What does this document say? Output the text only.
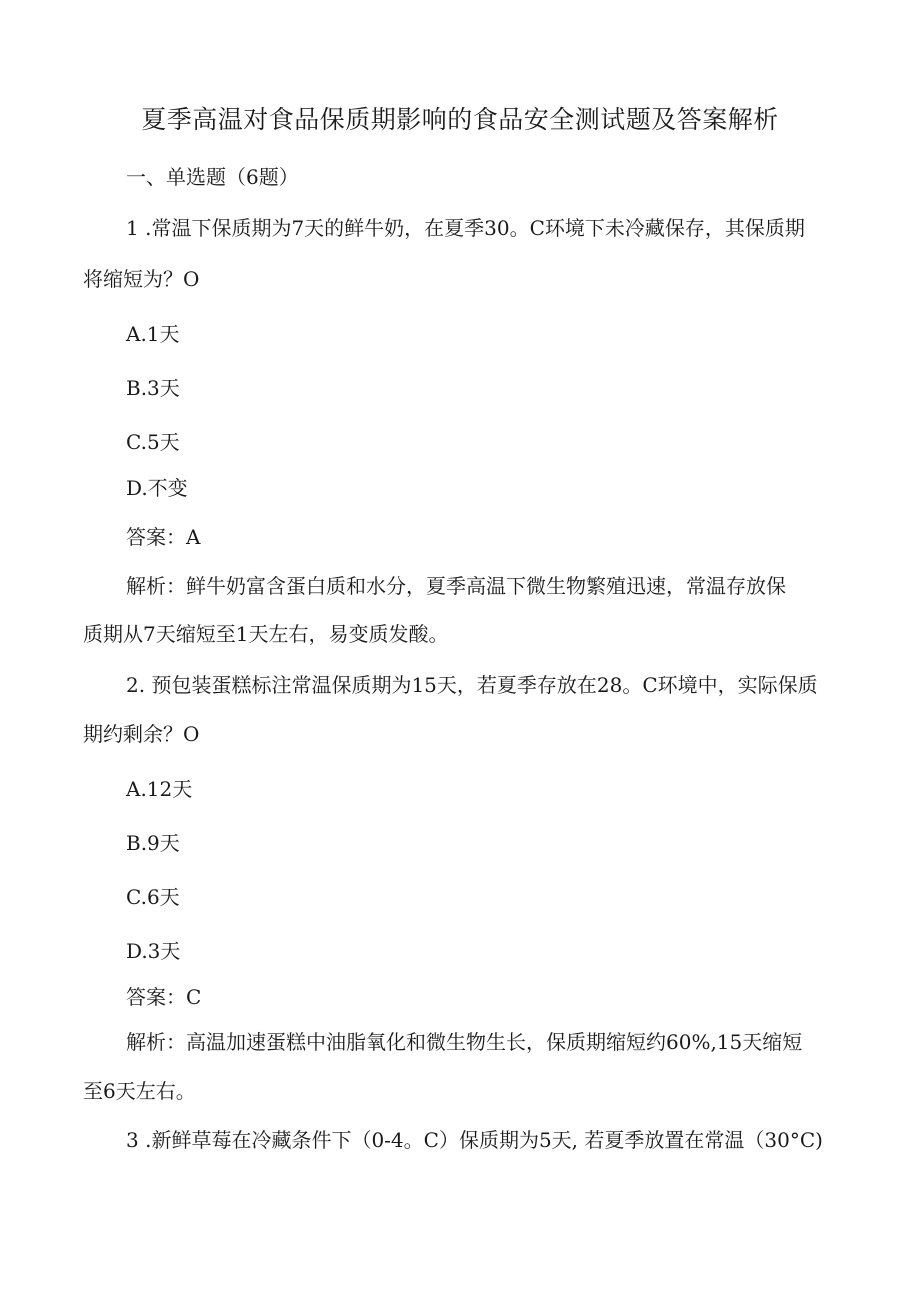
夏季高温对食品保质期影响的食品安全测试题及答案解析
一、单选题（6题）
1 .常温下保质期为7天的鲜牛奶，在夏季30。C环境下未冷藏保存，其保质期
将缩短为？O
A.1天
B.3天
C.5天
D.不变
答案：A
解析：鲜牛奶富含蛋白质和水分，夏季高温下微生物繁殖迅速，常温存放保
质期从7天缩短至1天左右，易变质发酸。
2. 预包装蛋糕标注常温保质期为15天，若夏季存放在28。C环境中，实际保质
期约剩余？O
A.12天
B.9天
C.6天
D.3天
答案：C
解析：高温加速蛋糕中油脂氧化和微生物生长，保质期缩短约60%,15天缩短
至6天左右。
3 .新鲜草莓在冷藏条件下（0-4。C）保质期为5天, 若夏季放置在常温（30°C)
